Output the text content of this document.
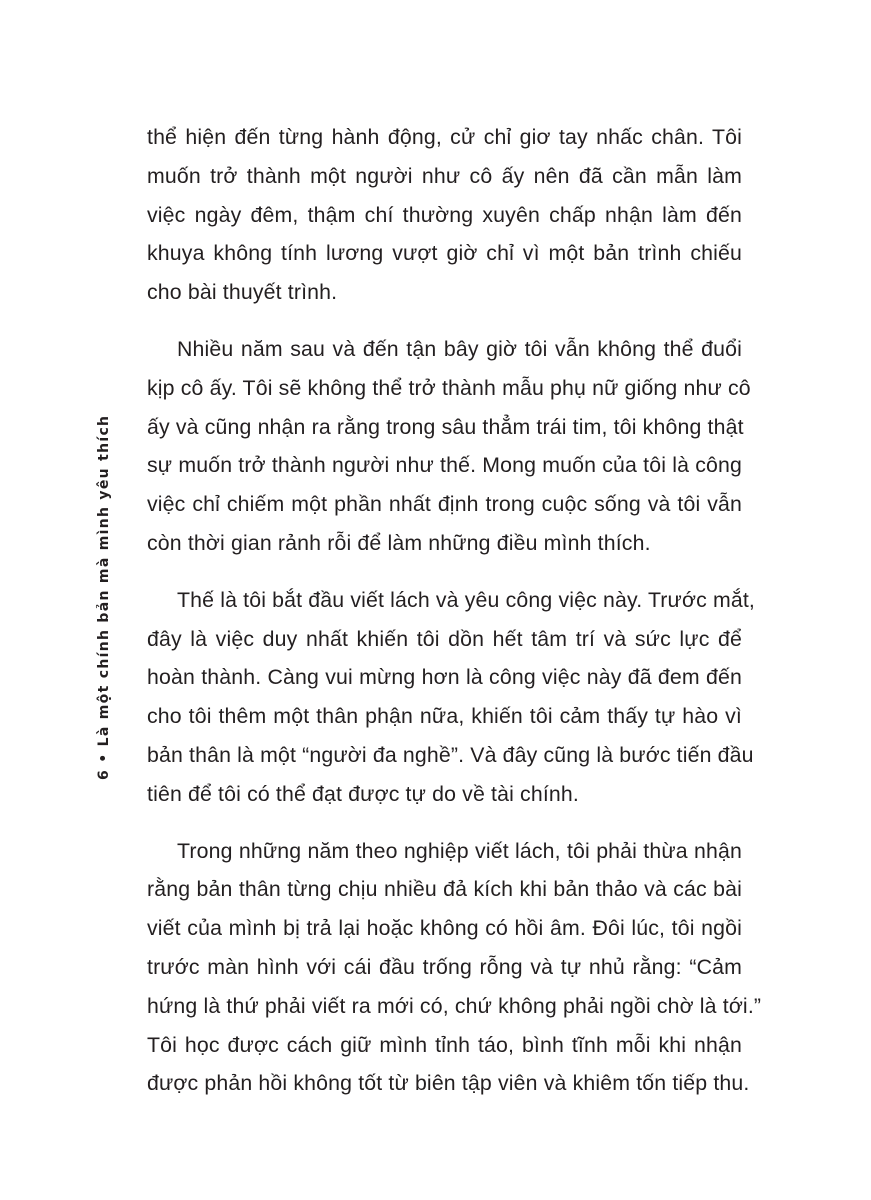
6 • Là một chính bản mà mình yêu thích

thể hiện đến từng hành động, cử chỉ giơ tay nhấc chân. Tôi
muốn trở thành một người như cô ấy nên đã cần mẫn làm
việc ngày đêm, thậm chí thường xuyên chấp nhận làm đến
khuya không tính lương vượt giờ chỉ vì một bản trình chiếu
cho bài thuyết trình.

Nhiều năm sau và đến tận bây giờ tôi vẫn không thể đuổi
kịp cô ấy. Tôi sẽ không thể trở thành mẫu phụ nữ giống như cô
ấy và cũng nhận ra rằng trong sâu thẳm trái tim, tôi không thật
sự muốn trở thành người như thế. Mong muốn của tôi là công
việc chỉ chiếm một phần nhất định trong cuộc sống và tôi vẫn
còn thời gian rảnh rỗi để làm những điều mình thích.

Thế là tôi bắt đầu viết lách và yêu công việc này. Trước mắt,
đây là việc duy nhất khiến tôi dồn hết tâm trí và sức lực để
hoàn thành. Càng vui mừng hơn là công việc này đã đem đến
cho tôi thêm một thân phận nữa, khiến tôi cảm thấy tự hào vì
bản thân là một “người đa nghề”. Và đây cũng là bước tiến đầu
tiên để tôi có thể đạt được tự do về tài chính.

Trong những năm theo nghiệp viết lách, tôi phải thừa nhận
rằng bản thân từng chịu nhiều đả kích khi bản thảo và các bài
viết của mình bị trả lại hoặc không có hồi âm. Đôi lúc, tôi ngồi
trước màn hình với cái đầu trống rỗng và tự nhủ rằng: “Cảm
hứng là thứ phải viết ra mới có, chứ không phải ngồi chờ là tới.”
Tôi học được cách giữ mình tỉnh táo, bình tĩnh mỗi khi nhận
được phản hồi không tốt từ biên tập viên và khiêm tốn tiếp thu.
